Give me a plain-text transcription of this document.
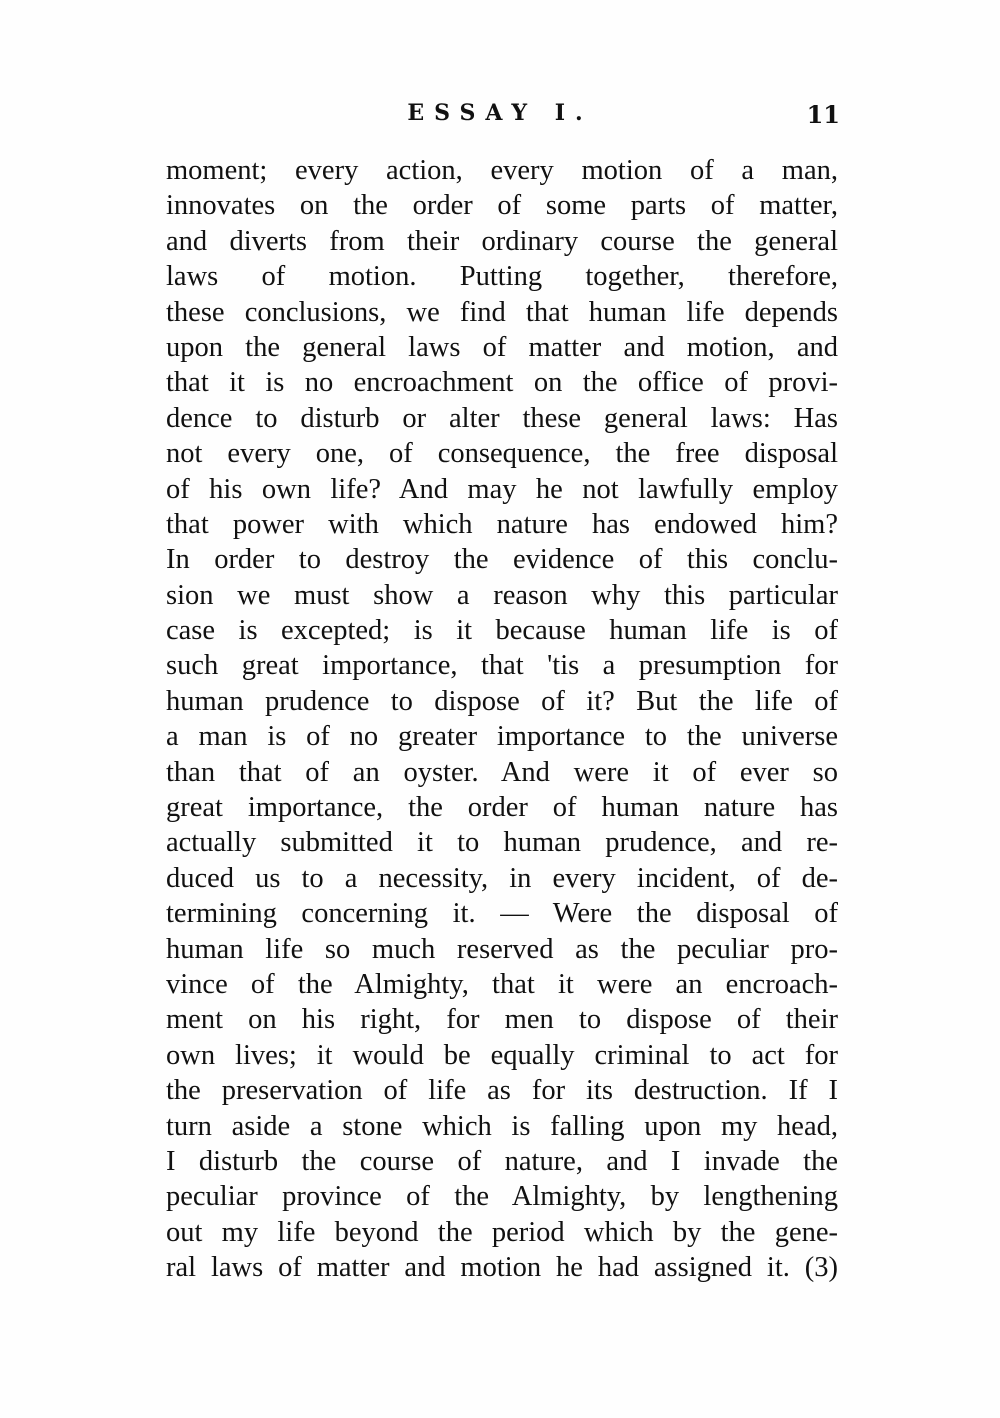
ESSAY I.	11
moment; every action, every motion of a man,
innovates on the order of some parts of matter,
and diverts from their ordinary course the general
laws of motion. Putting together, therefore,
these conclusions, we find that human life depends
upon the general laws of matter and motion, and
that it is no encroachment on the office of provi-
dence to disturb or alter these general laws: Has
not every one, of consequence, the free disposal
of his own life? And may he not lawfully employ
that power with which nature has endowed him?
In order to destroy the evidence of this conclu-
sion we must show a reason why this particular
case is excepted; is it because human life is of
such great importance, that 'tis a presumption for
human prudence to dispose of it? But the life of
a man is of no greater importance to the universe
than that of an oyster. And were it of ever so
great importance, the order of human nature has
actually submitted it to human prudence, and re-
duced us to a necessity, in every incident, of de-
termining concerning it. — Were the disposal of
human life so much reserved as the peculiar pro-
vince of the Almighty, that it were an encroach-
ment on his right, for men to dispose of their
own lives; it would be equally criminal to act for
the preservation of life as for its destruction. If I
turn aside a stone which is falling upon my head,
I disturb the course of nature, and I invade the
peculiar province of the Almighty, by lengthening
out my life beyond the period which by the gene-
ral laws of matter and motion he had assigned it. (3)
